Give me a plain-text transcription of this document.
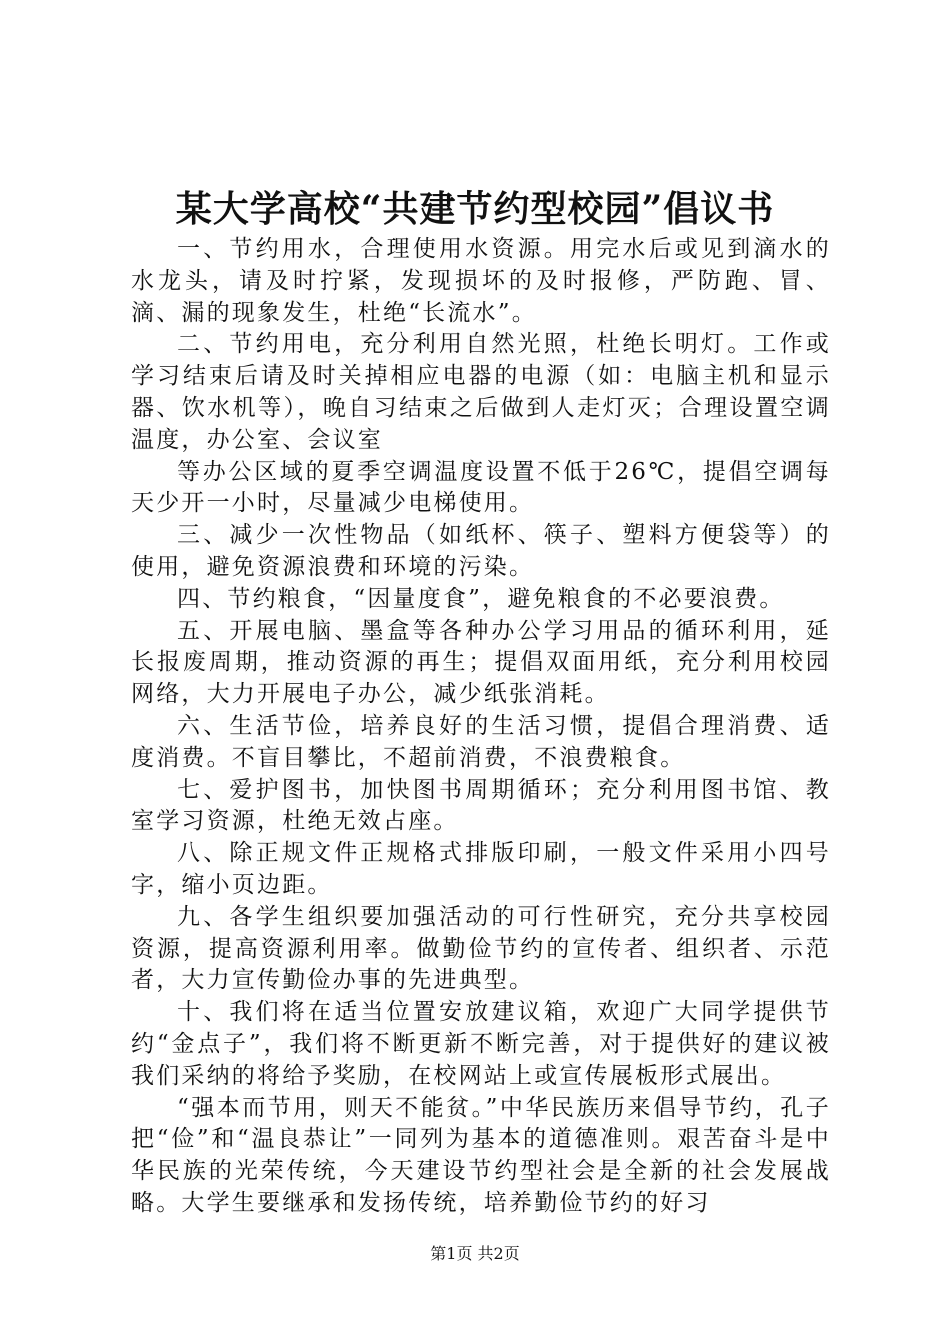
某大学高校“共建节约型校园”倡议书

一、节约用水，合理使用水资源。用完水后或见到滴水的水龙头，请及时拧紧，发现损坏的及时报修，严防跑、冒、滴、漏的现象发生，杜绝“长流水”。

二、节约用电，充分利用自然光照，杜绝长明灯。工作或学习结束后请及时关掉相应电器的电源（如：电脑主机和显示器、饮水机等），晚自习结束之后做到人走灯灭；合理设置空调温度，办公室、会议室

等办公区域的夏季空调温度设置不低于26℃，提倡空调每天少开一小时，尽量减少电梯使用。

三、减少一次性物品（如纸杯、筷子、塑料方便袋等）的使用，避免资源浪费和环境的污染。

四、节约粮食，“因量度食”，避免粮食的不必要浪费。

五、开展电脑、墨盒等各种办公学习用品的循环利用，延长报废周期，推动资源的再生；提倡双面用纸，充分利用校园网络，大力开展电子办公，减少纸张消耗。

六、生活节俭，培养良好的生活习惯，提倡合理消费、适度消费。不盲目攀比，不超前消费，不浪费粮食。

七、爱护图书，加快图书周期循环；充分利用图书馆、教室学习资源，杜绝无效占座。

八、除正规文件正规格式排版印刷，一般文件采用小四号字，缩小页边距。

九、各学生组织要加强活动的可行性研究，充分共享校园资源，提高资源利用率。做勤俭节约的宣传者、组织者、示范者，大力宣传勤俭办事的先进典型。

十、我们将在适当位置安放建议箱，欢迎广大同学提供节约“金点子”，我们将不断更新不断完善，对于提供好的建议被我们采纳的将给予奖励，在校网站上或宣传展板形式展出。

“强本而节用，则天不能贫。”中华民族历来倡导节约，孔子把“俭”和“温良恭让”一同列为基本的道德准则。艰苦奋斗是中华民族的光荣传统，今天建设节约型社会是全新的社会发展战略。大学生要继承和发扬传统，培养勤俭节约的好习

第1页 共2页
